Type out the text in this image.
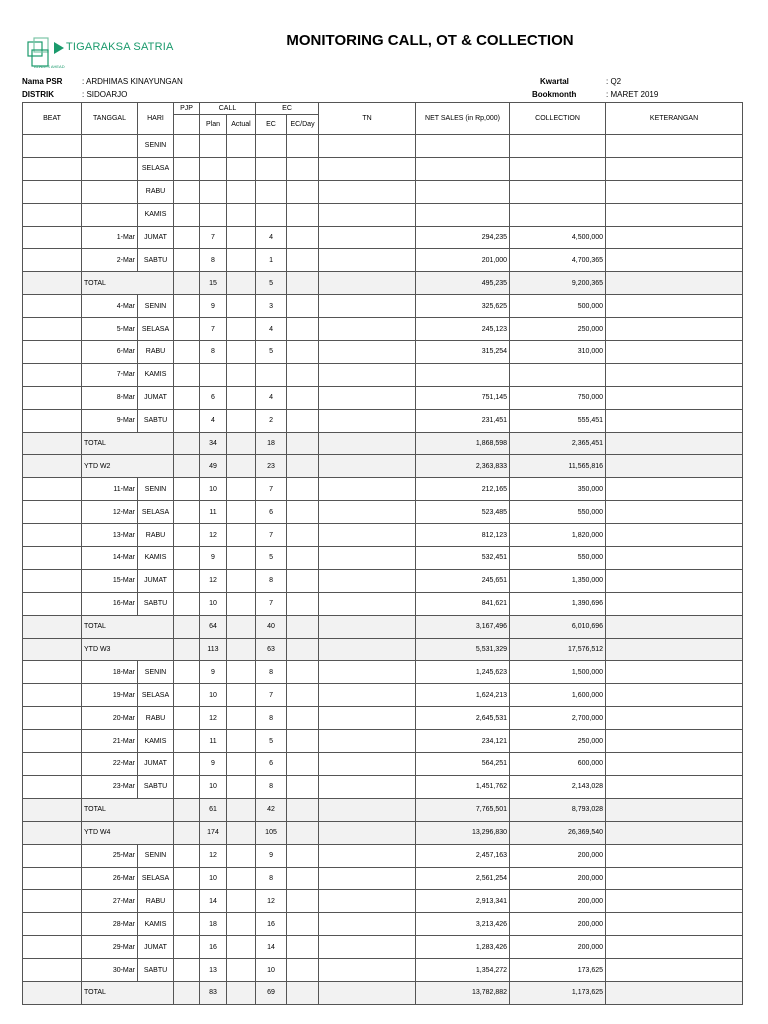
TIGARAKSA SATRIA
ALWAYS AHEAD
MONITORING CALL, OT & COLLECTION
Nama PSR : ARDHIMAS KINAYUNGAN
DISTRIK	: SIDOARJO
Kwartal	: Q2
Bookmonth	: MARET 2019
BEAT	TANGGAL	HARI	PJP	CALL		EC		TN	NET SALES (in Rp,000)	COLLECTION	KETERANGAN
				Plan	Actual	EC	EC/Day				
		SENIN									
		SELASA									
		RABU									
		KAMIS									
	1-Mar	JUMAT		7		4			294,235	4,500,000	
	2-Mar	SABTU		8		1			201,000	4,700,365	
	TOTAL			15		5			495,235	9,200,365	
	4-Mar	SENIN		9		3			325,625	500,000	
	5-Mar	SELASA		7		4			245,123	250,000	
	6-Mar	RABU		8		5			315,254	310,000	
	7-Mar	KAMIS									
	8-Mar	JUMAT		6		4			751,145	750,000	
	9-Mar	SABTU		4		2			231,451	555,451	
	TOTAL			34		18			1,868,598	2,365,451	
	YTD W2			49		23			2,363,833	11,565,816	
	11-Mar	SENIN		10		7			212,165	350,000	
	12-Mar	SELASA		11		6			523,485	550,000	
	13-Mar	RABU		12		7			812,123	1,820,000	
	14-Mar	KAMIS		9		5			532,451	550,000	
	15-Mar	JUMAT		12		8			245,651	1,350,000	
	16-Mar	SABTU		10		7			841,621	1,390,696	
	TOTAL			64		40			3,167,496	6,010,696	
	YTD W3			113		63			5,531,329	17,576,512	
	18-Mar	SENIN		9		8			1,245,623	1,500,000	
	19-Mar	SELASA		10		7			1,624,213	1,600,000	
	20-Mar	RABU		12		8			2,645,531	2,700,000	
	21-Mar	KAMIS		11		5			234,121	250,000	
	22-Mar	JUMAT		9		6			564,251	600,000	
	23-Mar	SABTU		10		8			1,451,762	2,143,028	
	TOTAL			61		42			7,765,501	8,793,028	
	YTD W4			174		105			13,296,830	26,369,540	
	25-Mar	SENIN		12		9			2,457,163	200,000	
	26-Mar	SELASA		10		8			2,561,254	200,000	
	27-Mar	RABU		14		12			2,913,341	200,000	
	28-Mar	KAMIS		18		16			3,213,426	200,000	
	29-Mar	JUMAT		16		14			1,283,426	200,000	
	30-Mar	SABTU		13		10			1,354,272	173,625	
	TOTAL			83		69			13,782,882	1,173,625	
